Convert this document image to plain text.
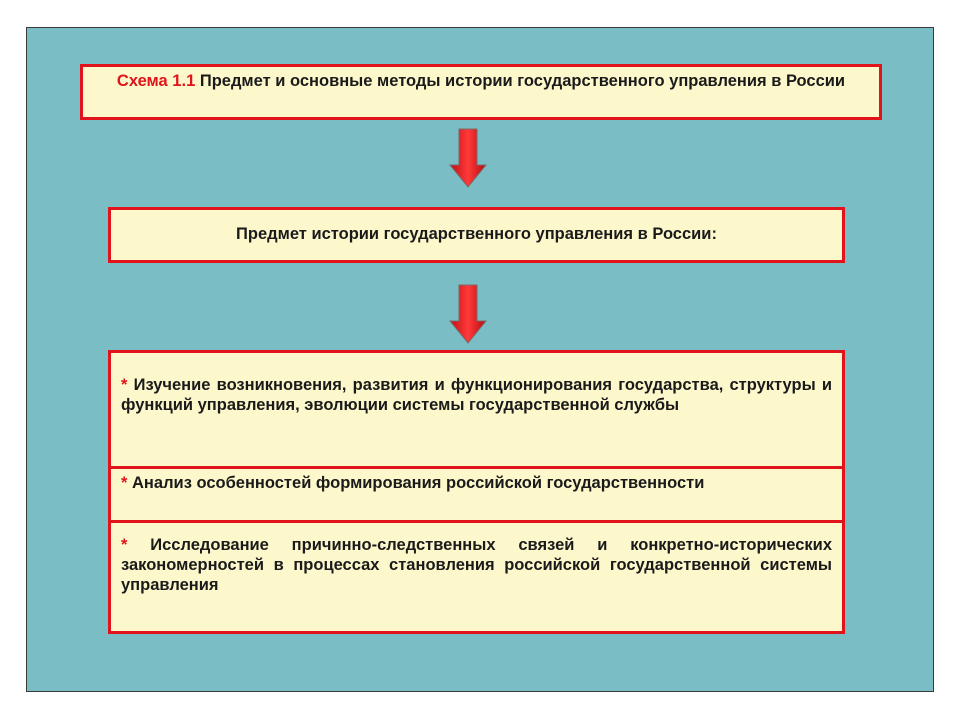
Схема 1.1 Предмет и основные методы истории государственного управления в России
Предмет истории государственного управления в России:
* Изучение возникновения, развития и функционирования государства, структуры и функций управления, эволюции системы государственной службы
* Анализ особенностей формирования российской государственности
* Исследование причинно-следственных связей и конкретно-исторических закономерностей в процессах становления российской государственной системы управления
